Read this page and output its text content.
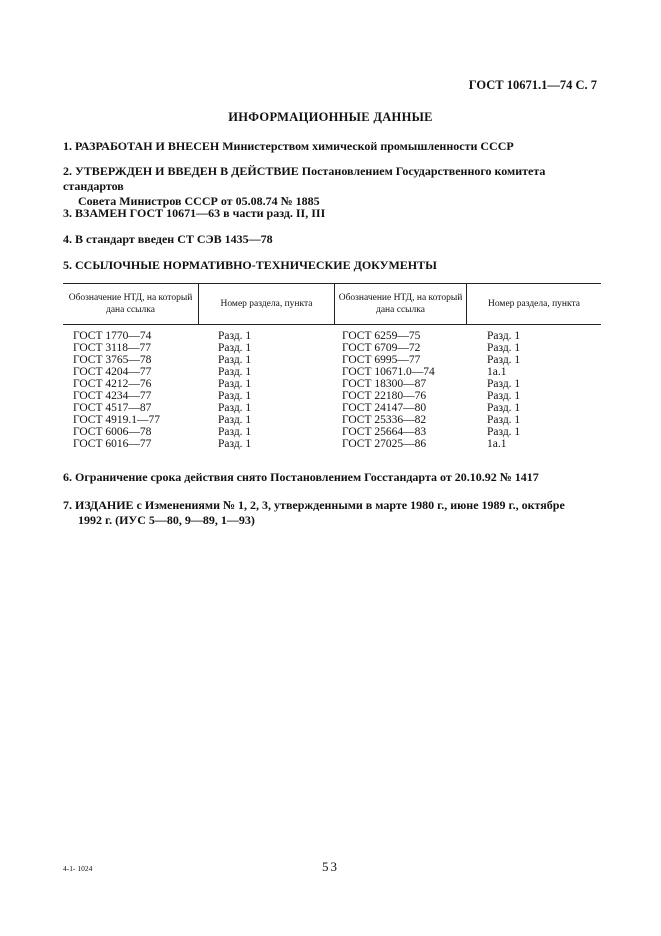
ГОСТ 10671.1—74 С. 7
ИНФОРМАЦИОННЫЕ ДАННЫЕ
1. РАЗРАБОТАН И ВНЕСЕН Министерством химической промышленности СССР
2. УТВЕРЖДЕН И ВВЕДЕН В ДЕЙСТВИЕ Постановлением Государственного комитета стандартов
Совета Министров СССР от 05.08.74 № 1885
3. ВЗАМЕН ГОСТ 10671—63 в части разд. II, III
4. В стандарт введен СТ СЭВ 1435—78
5. ССЫЛОЧНЫЕ НОРМАТИВНО-ТЕХНИЧЕСКИЕ ДОКУМЕНТЫ
Обозначение НТД, на который дана ссылка
Номер раздела, пункта
Обозначение НТД, на который дана ссылка
Номер раздела, пункта
ГОСТ 1770—74
ГОСТ 3118—77
ГОСТ 3765—78
ГОСТ 4204—77
ГОСТ 4212—76
ГОСТ 4234—77
ГОСТ 4517—87
ГОСТ 4919.1—77
ГОСТ 6006—78
ГОСТ 6016—77
Разд. 1
Разд. 1
Разд. 1
Разд. 1
Разд. 1
Разд. 1
Разд. 1
Разд. 1
Разд. 1
Разд. 1
ГОСТ 6259—75
ГОСТ 6709—72
ГОСТ 6995—77
ГОСТ 10671.0—74
ГОСТ 18300—87
ГОСТ 22180—76
ГОСТ 24147—80
ГОСТ 25336—82
ГОСТ 25664—83
ГОСТ 27025—86
Разд. 1
Разд. 1
Разд. 1
1а.1
Разд. 1
Разд. 1
Разд. 1
Разд. 1
Разд. 1
1а.1
6. Ограничение срока действия снято Постановлением Госстандарта от 20.10.92 № 1417
7. ИЗДАНИЕ с Изменениями № 1, 2, 3, утвержденными в марте 1980 г., июне 1989 г., октябре
1992 г. (ИУС 5—80, 9—89, 1—93)
4-1- 1024	53
